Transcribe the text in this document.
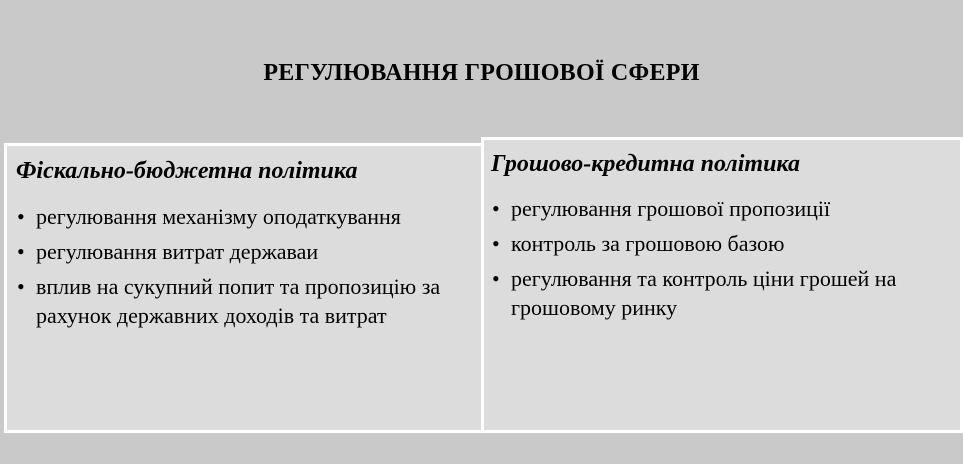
РЕГУЛЮВАННЯ ГРОШОВОЇ СФЕРИ
Фіскально-бюджетна політика
• регулювання механізму оподаткування
• регулювання витрат державаи
• вплив на сукупний попит та пропозицію за рахунок державних доходів та витрат
Грошово-кредитна політика
• регулювання грошової пропозиції
• контроль за грошовою базою
• регулювання та контроль ціни грошей на грошовому ринку
